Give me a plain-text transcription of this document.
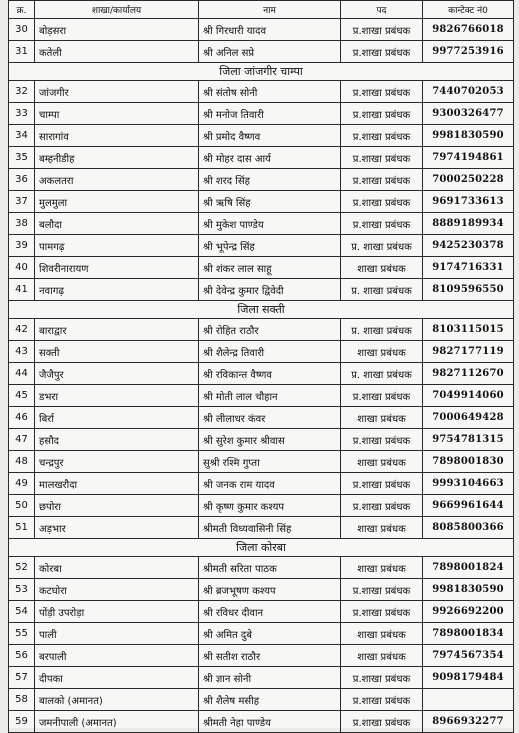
क्र.	शाखा/कार्यालय	नाम	पद	कान्टेक्ट नं0
30	बोड़सरा	श्री गिरधारी यादव	प्र.शाखा प्रबंधक	9826766018
31	कतेली	श्री अनिल सप्रे	प्र.शाखा प्रबंधक	9977253916
जिला जांजगीर चाम्पा				
32	जांजगीर	श्री संतोष सोनी	प्र.शाखा प्रबंधक	7440702053
33	चाम्पा	श्री मनोज तिवारी	प्र.शाखा प्रबंधक	9300326477
34	सारागांव	श्री प्रमोद वैष्णव	प्र.शाखा प्रबंधक	9981830590
35	बम्हनीडीह	श्री मोहर दास आर्य	प्र.शाखा प्रबंधक	7974194861
36	अकलतरा	श्री शरद सिंह	प्र.शाखा प्रबंधक	7000250228
37	मुलमुला	श्री ऋषि सिंह	प्र.शाखा प्रबंधक	9691733613
38	बलौदा	श्री मुकेश पाण्डेय	प्र.शाखा प्रबंधक	8889189934
39	पामगढ़	श्री भूपेन्द्र सिंह	प्र. शाखा प्रबंधक	9425230378
40	शिवरीनारायण	श्री शंकर लाल साहू	शाखा प्रबंधक	9174716331
41	नवागढ़	श्री देवेन्द्र कुमार द्विवेदी	प्र. शाखा प्रबंधक	8109596550
जिला सक्ती				
42	बाराद्वार	श्री रोहित राठौर	प्र. शाखा प्रबंधक	8103115015
43	सक्ती	श्री शैलेन्द्र तिवारी	शाखा प्रबंधक	9827177119
44	जैजैपुर	श्री रविकान्त वैष्णव	प्र. शाखा प्रबंधक	9827112670
45	डभरा	श्री मोती लाल चौहान	प्र.शाखा प्रबंधक	7049914060
46	बिर्रा	श्री लीलाधर कंवर	शाखा प्रबंधक	7000649428
47	हसौद	श्री सुरेश कुमार श्रीवास	प्र.शाखा प्रबंधक	9754781315
48	चन्द्रपुर	सुश्री रश्मि गुप्ता	शाखा प्रबंधक	7898001830
49	मालखरौदा	श्री जनक राम यादव	प्र.शाखा प्रबंधक	9993104663
50	छपोरा	श्री कृष्ण कुमार कश्यप	प्र.शाखा प्रबंधक	9669961644
51	अड़भार	श्रीमती विध्यवासिनी सिंह	शाखा प्रबंधक	8085800366
जिला कोरबा				
52	कोरबा	श्रीमती सरिता पाठक	शाखा प्रबंधक	7898001824
53	कटघोरा	श्री ब्रजभूषण कश्यप	प्र.शाखा प्रबंधक	9981830590
54	पोंड़ी उपरोड़ा	श्री रविधर दीवान	प्र.शाखा प्रबंधक	9926692200
55	पाली	श्री अमित दुबे	शाखा प्रबंधक	7898001834
56	बरपाली	श्री सतीश राठौर	शाखा प्रबंधक	7974567354
57	दीपका	श्री ज्ञान सोनी	प्र.शाखा प्रबंधक	9098179484
58	बालको (अमानत)	श्री शैलेष मसीह	प्र.शाखा प्रबंधक	
59	जमनीपाली (अमानत)	श्रीमती नेहा पाण्डेय	प्र.शाखा प्रबंधक	8966932277
